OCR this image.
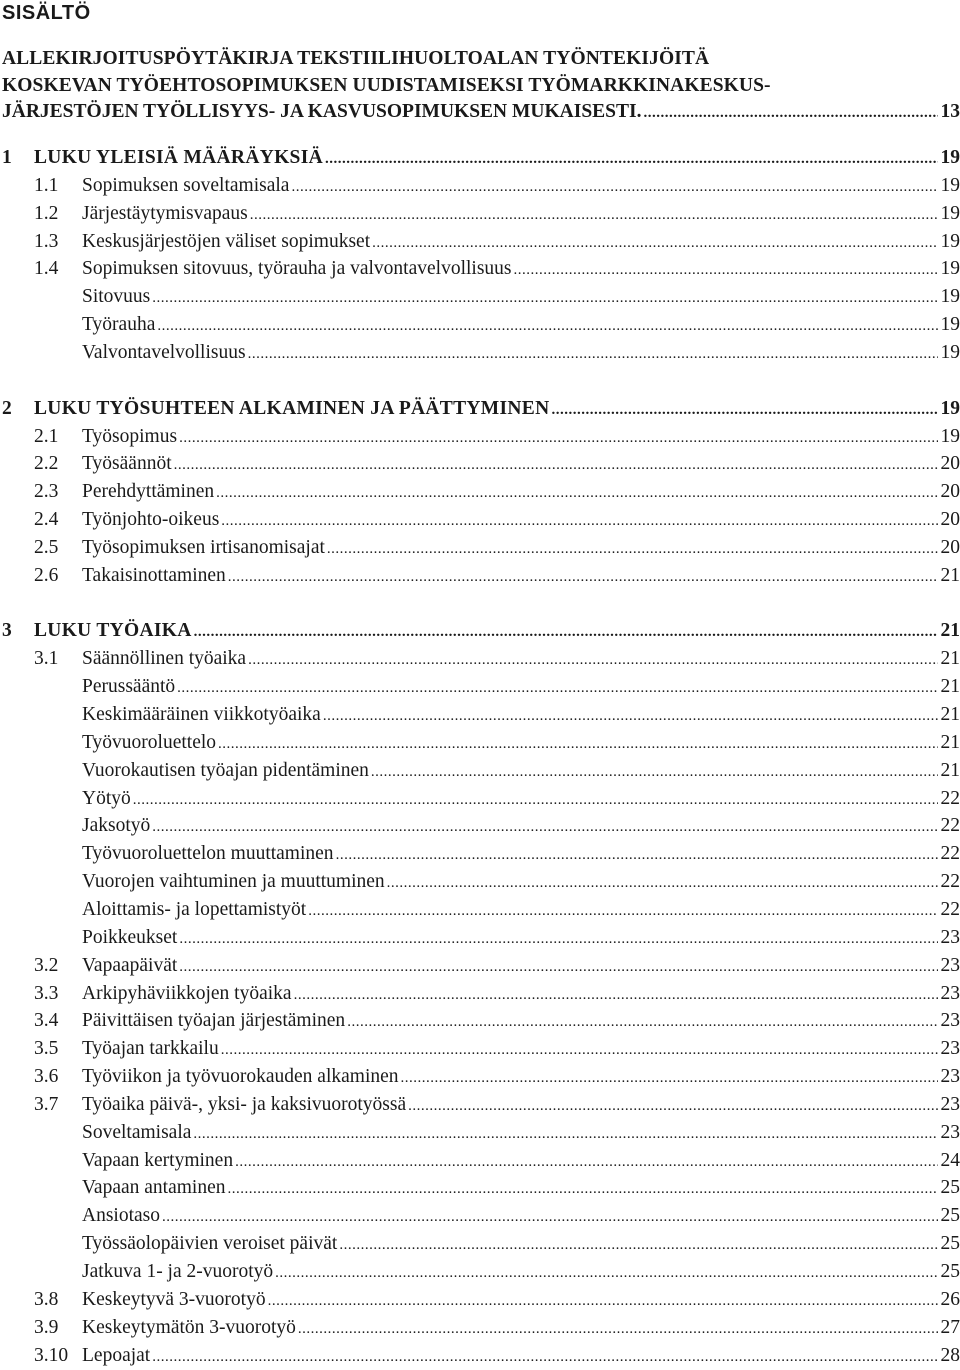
SISÄLTÖ
ALLEKIRJOITUSPÖYTÄKIRJA TEKSTIILIHUOLTOALAN TYÖNTEKIJÖITÄ
KOSKEVAN TYÖEHTOSOPIMUKSEN UUDISTAMISEKSI TYÖMARKKINAKESKUS-
JÄRJESTÖJEN TYÖLLISYYS- JA KASVUSOPIMUKSEN MUKAISESTI. .....	13
1	LUKU YLEISIÄ MÄÄRÄYKSIÄ .....	19
1.1	Sopimuksen soveltamisala .....	19
1.2	Järjestäytymisvapaus .....	19
1.3	Keskusjärjestöjen väliset sopimukset .....	19
1.4	Sopimuksen sitovuus, työrauha ja valvontavelvollisuus .....	19
Sitovuus .....	19
Työrauha .....	19
Valvontavelvollisuus .....	19
2	LUKU TYÖSUHTEEN ALKAMINEN JA PÄÄTTYMINEN .....	19
2.1	Työsopimus .....	19
2.2	Työsäännöt .....	20
2.3	Perehdyttäminen .....	20
2.4	Työnjohto-oikeus .....	20
2.5	Työsopimuksen irtisanomisajat .....	20
2.6	Takaisinottaminen .....	21
3	LUKU TYÖAIKA .....	21
3.1	Säännöllinen työaika .....	21
Perussääntö .....	21
Keskimääräinen viikkotyöaika .....	21
Työvuoroluettelo .....	21
Vuorokautisen työajan pidentäminen .....	21
Yötyö .....	22
Jaksotyö .....	22
Työvuoroluettelon muuttaminen .....	22
Vuorojen vaihtuminen ja muuttuminen .....	22
Aloittamis- ja lopettamistyöt .....	22
Poikkeukset .....	23
3.2	Vapaapäivät .....	23
3.3	Arkipyhäviikkojen työaika .....	23
3.4	Päivittäisen työajan järjestäminen .....	23
3.5	Työajan tarkkailu .....	23
3.6	Työviikon ja työvuorokauden alkaminen .....	23
3.7	Työaika päivä-, yksi- ja kaksivuorotyössä .....	23
Soveltamisala .....	23
Vapaan kertyminen .....	24
Vapaan antaminen .....	25
Ansiotaso .....	25
Työssäolopäivien veroiset päivät .....	25
Jatkuva 1- ja 2-vuorotyö .....	25
3.8	Keskeytyvä 3-vuorotyö .....	26
3.9	Keskeytymätön 3-vuorotyö .....	27
3.10 Lepoajat .....	28
